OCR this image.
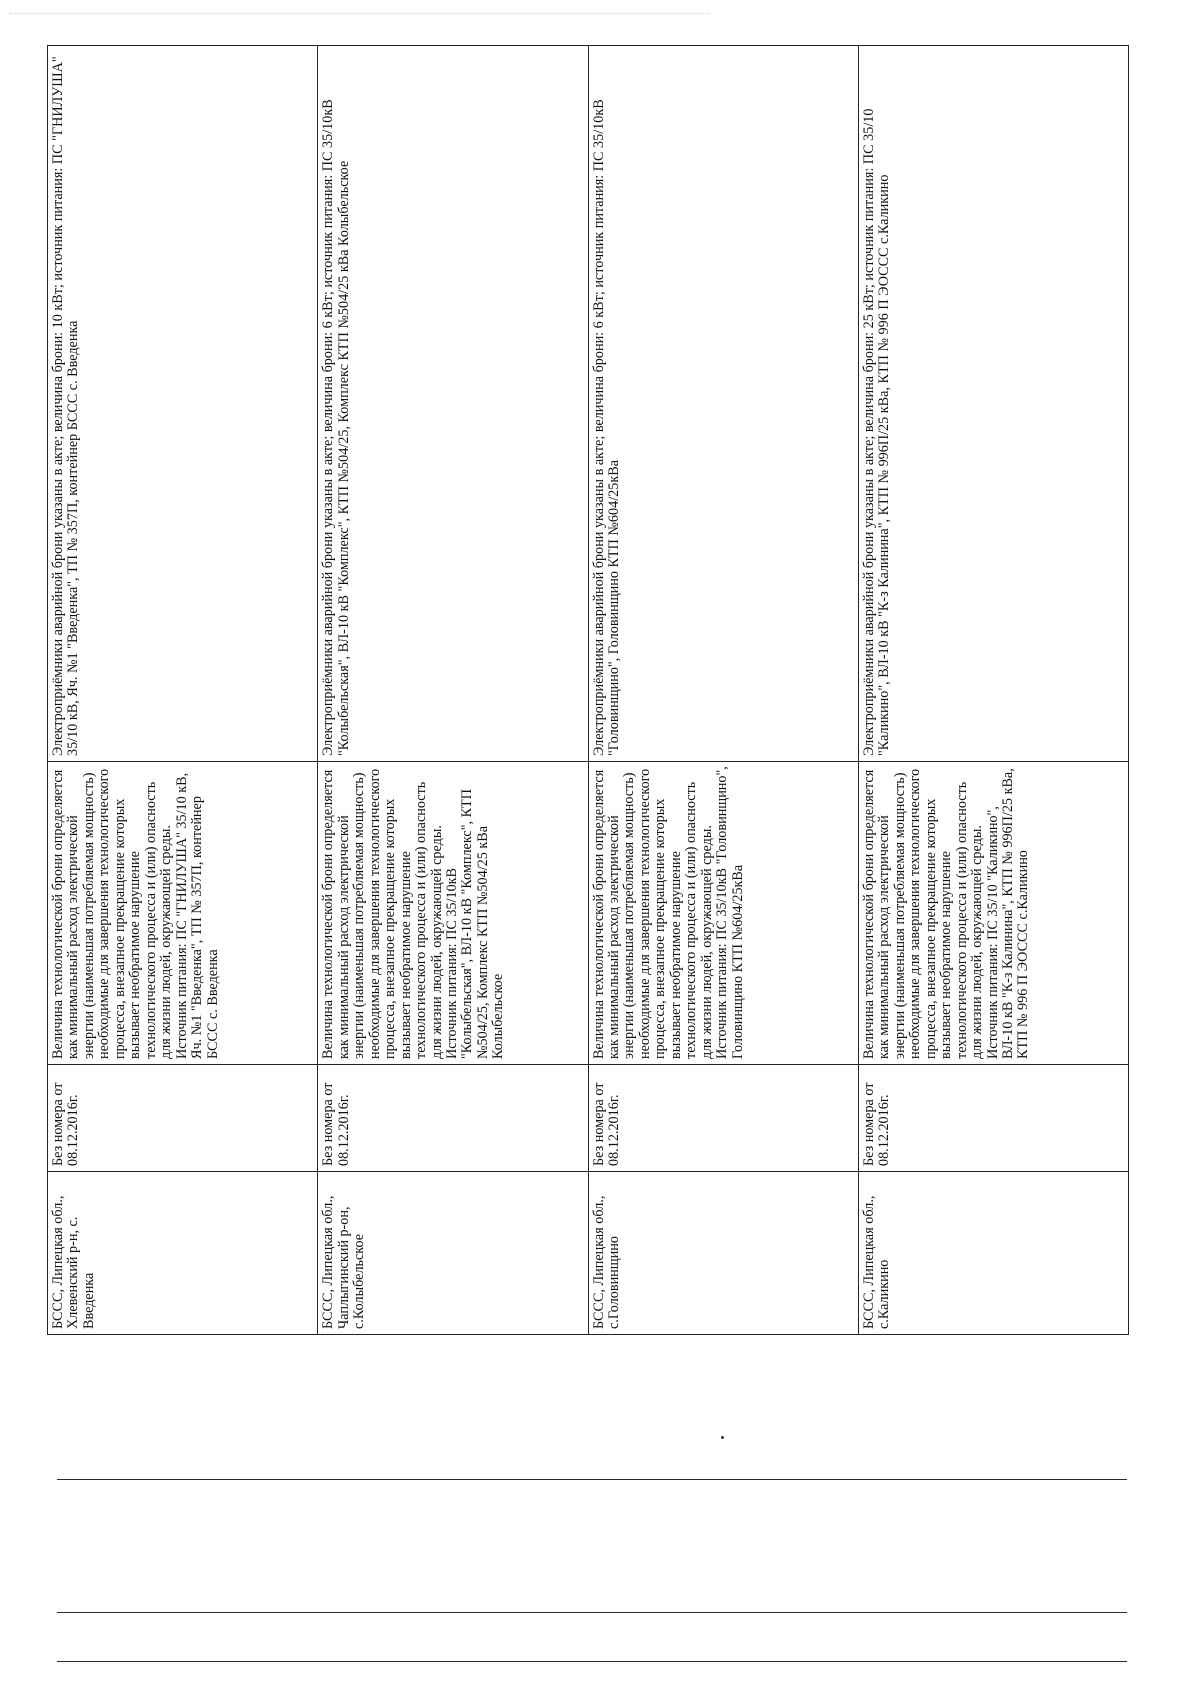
БССС, Липецкая обл., Хлевенский р-н, с. Введенка
Без номера от 08.12.2016г.
Величина технологической брони определяется как минимальный расход электрической энергии (наименьшая потребляемая мощность) необходимые для завершения технологического процесса, внезапное прекращение которых вызывает необратимое нарушение технологического процесса и (или) опасность для жизни людей, окружающей среды. Источник питания: ПС "ГНИЛУША" 35/10 кВ, Яч. №1 "Введенка", ТП № 357П, контейнер БССС с. Введенка
Электроприёмники аварийной брони указаны в акте; величина брони: 10 кВт; источник питания: ПС "ГНИЛУША" 35/10 кВ, Яч. №1 "Введенка", ТП № 357П, контейнер БССС с. Введенка
БССС, Липецкая обл., Чаплыгинский р-он, с.Колыбельское
Без номера от 08.12.2016г.
Величина технологической брони определяется как минимальный расход электрической энергии (наименьшая потребляемая мощность) необходимые для завершения технологического процесса, внезапное прекращение которых вызывает необратимое нарушение технологического процесса и (или) опасность для жизни людей, окружающей среды. Источник питания: ПС 35/10кВ "Колыбельская", ВЛ-10 кВ "Комплекс", КТП №504/25, Комплекс КТП №504/25 кВа Колыбельское
Электроприёмники аварийной брони указаны в акте; величина брони: 6 кВт; источник питания: ПС 35/10кВ "Колыбельская", ВЛ-10 кВ "Комплекс", КТП №504/25, Комплекс КТП №504/25 кВа Колыбельское
БССС, Липецкая обл., с.Головинщино
Без номера от 08.12.2016г.
Величина технологической брони определяется как минимальный расход электрической энергии (наименьшая потребляемая мощность) необходимые для завершения технологического процесса, внезапное прекращение которых вызывает необратимое нарушение технологического процесса и (или) опасность для жизни людей, окружающей среды. Источник питания: ПС 35/10кВ "Головинщино", Головинщино КТП №604/25кВа
Электроприёмники аварийной брони указаны в акте; величина брони: 6 кВт; источник питания: ПС 35/10кВ "Головинщино", Головинщино КТП №604/25кВа
БССС, Липецкая обл., с.Каликино
Без номера от 08.12.2016г.
Величина технологической брони определяется как минимальный расход электрической энергии (наименьшая потребляемая мощность) необходимые для завершения технологического процесса, внезапное прекращение которых вызывает необратимое нарушение технологического процесса и (или) опасность для жизни людей, окружающей среды. Источник питания: ПС 35/10 "Каликино", ВЛ-10 кВ "К-з Калинина", КТП № 996П/25 кВа, КТП № 996 П ЭОССС с.Каликино
Электроприёмники аварийной брони указаны в акте; величина брони: 25 кВт; источник питания: ПС 35/10 "Каликино", ВЛ-10 кВ "К-з Калинина", КТП № 996П/25 кВа, КТП № 996 П ЭОССС с.Каликино
